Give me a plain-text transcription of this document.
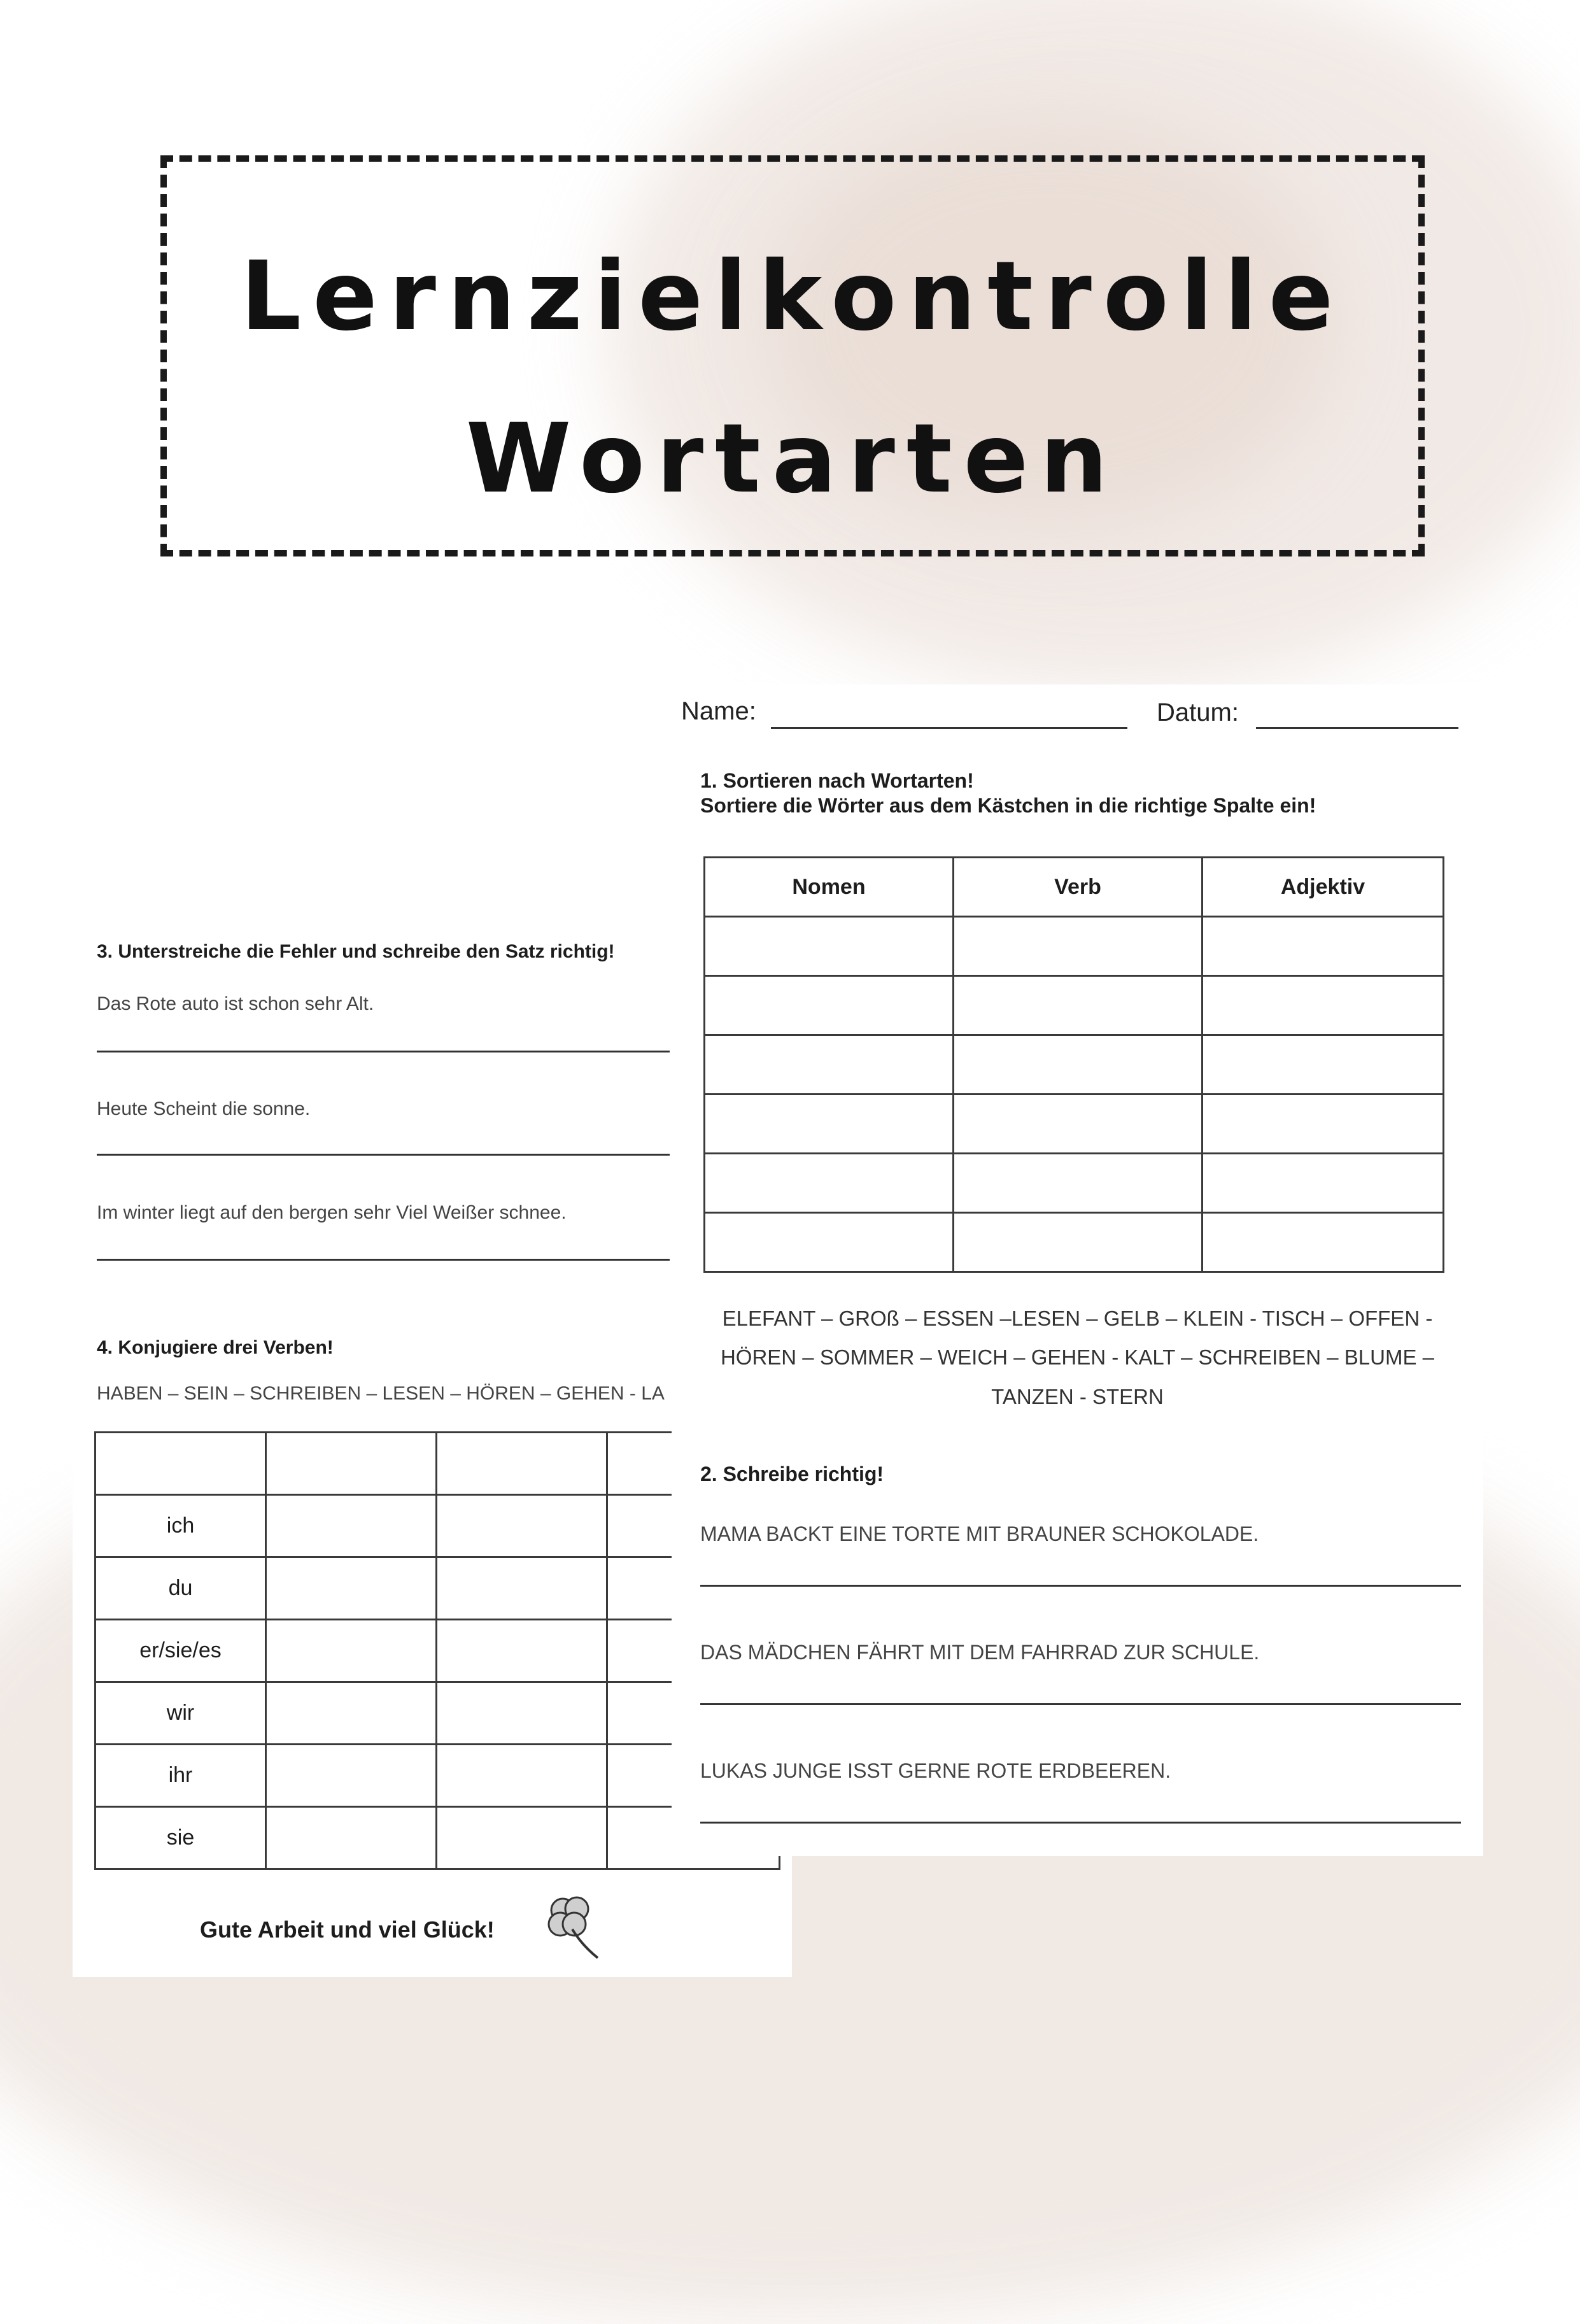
Lernzielkontrolle
Wortarten
3. Unterstreiche die Fehler und schreibe den Satz richtig!
Das Rote auto ist schon sehr Alt.
Heute Scheint die sonne.
Im winter liegt auf den bergen sehr Viel Weißer schnee.
4. Konjugiere drei Verben!
HABEN – SEIN – SCHREIBEN – LESEN – HÖREN – GEHEN - LA

ich			
du			
er/sie/es			
wir			
ihr			
sie			
Gute Arbeit und viel Glück!
Name:	Datum:
1. Sortieren nach Wortarten!
Sortiere die Wörter aus dem Kästchen in die richtige Spalte ein!
Nomen	Verb	Adjektiv

ELEFANT – GROß – ESSEN –LESEN – GELB – KLEIN - TISCH – OFFEN -
HÖREN – SOMMER – WEICH – GEHEN - KALT – SCHREIBEN – BLUME –
TANZEN - STERN
2. Schreibe richtig!
MAMA BACKT EINE TORTE MIT BRAUNER SCHOKOLADE.
DAS MÄDCHEN FÄHRT MIT DEM FAHRRAD ZUR SCHULE.
LUKAS JUNGE ISST GERNE ROTE ERDBEEREN.
